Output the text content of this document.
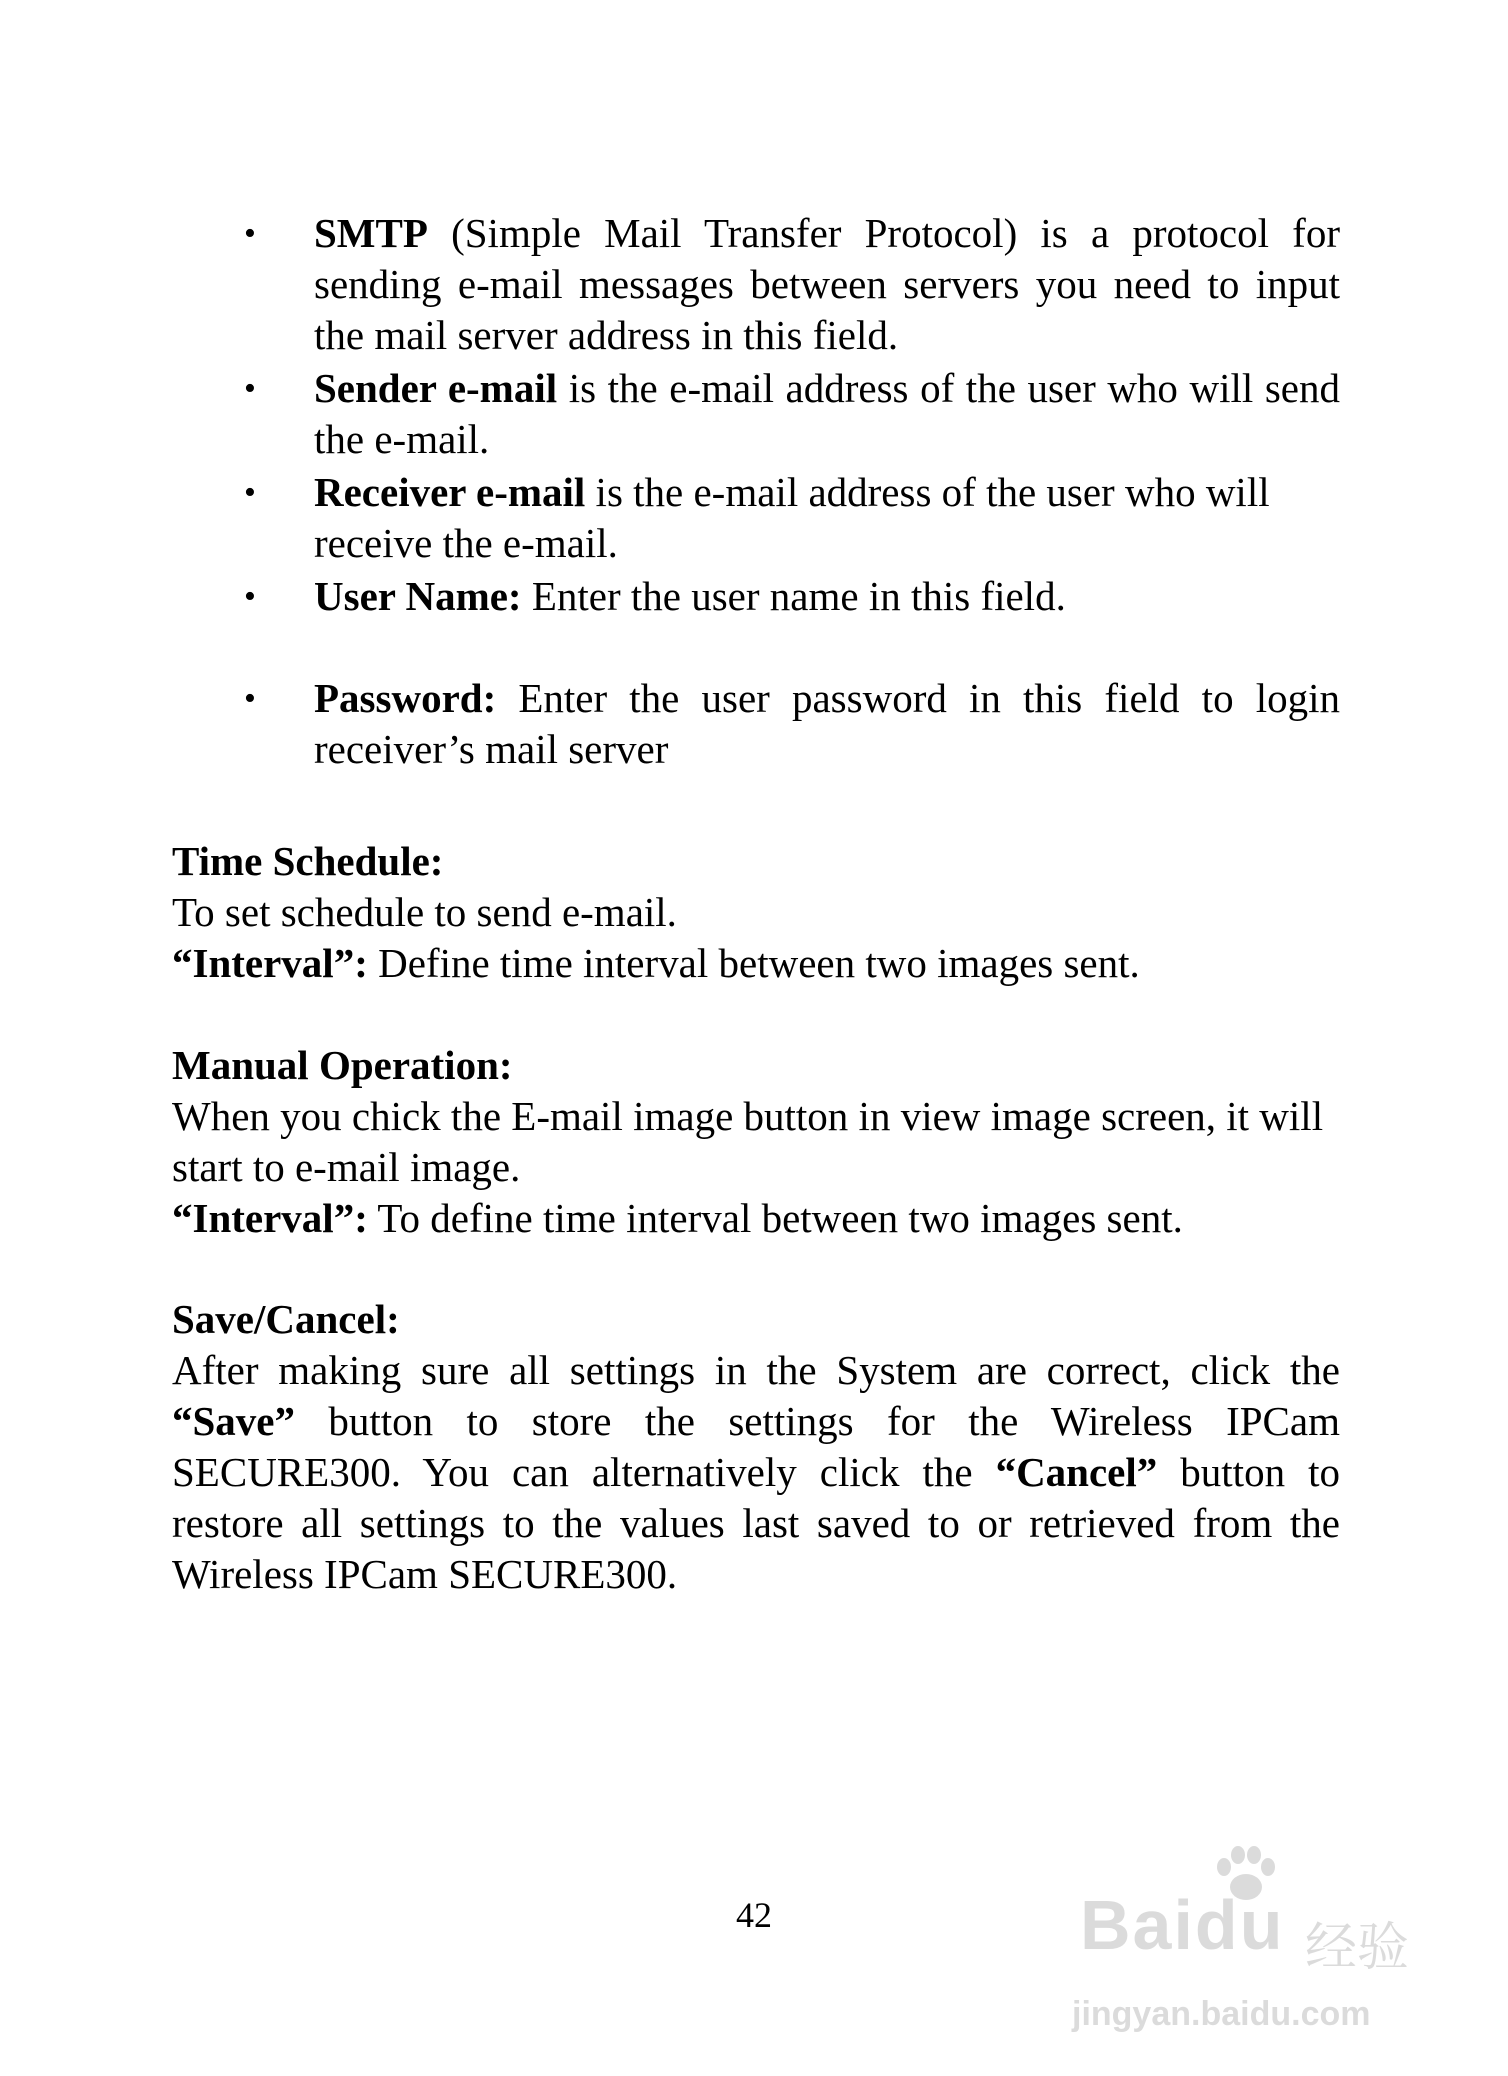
• SMTP (Simple Mail Transfer Protocol) is a protocol for sending e-mail messages between servers you need to input the mail server address in this field.
• Sender e-mail is the e-mail address of the user who will send the e-mail.
• Receiver e-mail is the e-mail address of the user who will receive the e-mail.
• User Name: Enter the user name in this field.
• Password: Enter the user password in this field to login receiver’s mail server

Time Schedule:

To set schedule to send e-mail.

“Interval”: Define time interval between two images sent.

Manual Operation:

When you chick the E-mail image button in view image screen, it will start to e-mail image.

“Interval”: To define time interval between two images sent.

Save/Cancel:

After making sure all settings in the System are correct, click the “Save” button to store the settings for the Wireless IPCam SECURE300. You can alternatively click the “Cancel” button to restore all settings to the values last saved to or retrieved from the Wireless IPCam SECURE300.

42	Baidu 经验
jingyan.baidu.com
